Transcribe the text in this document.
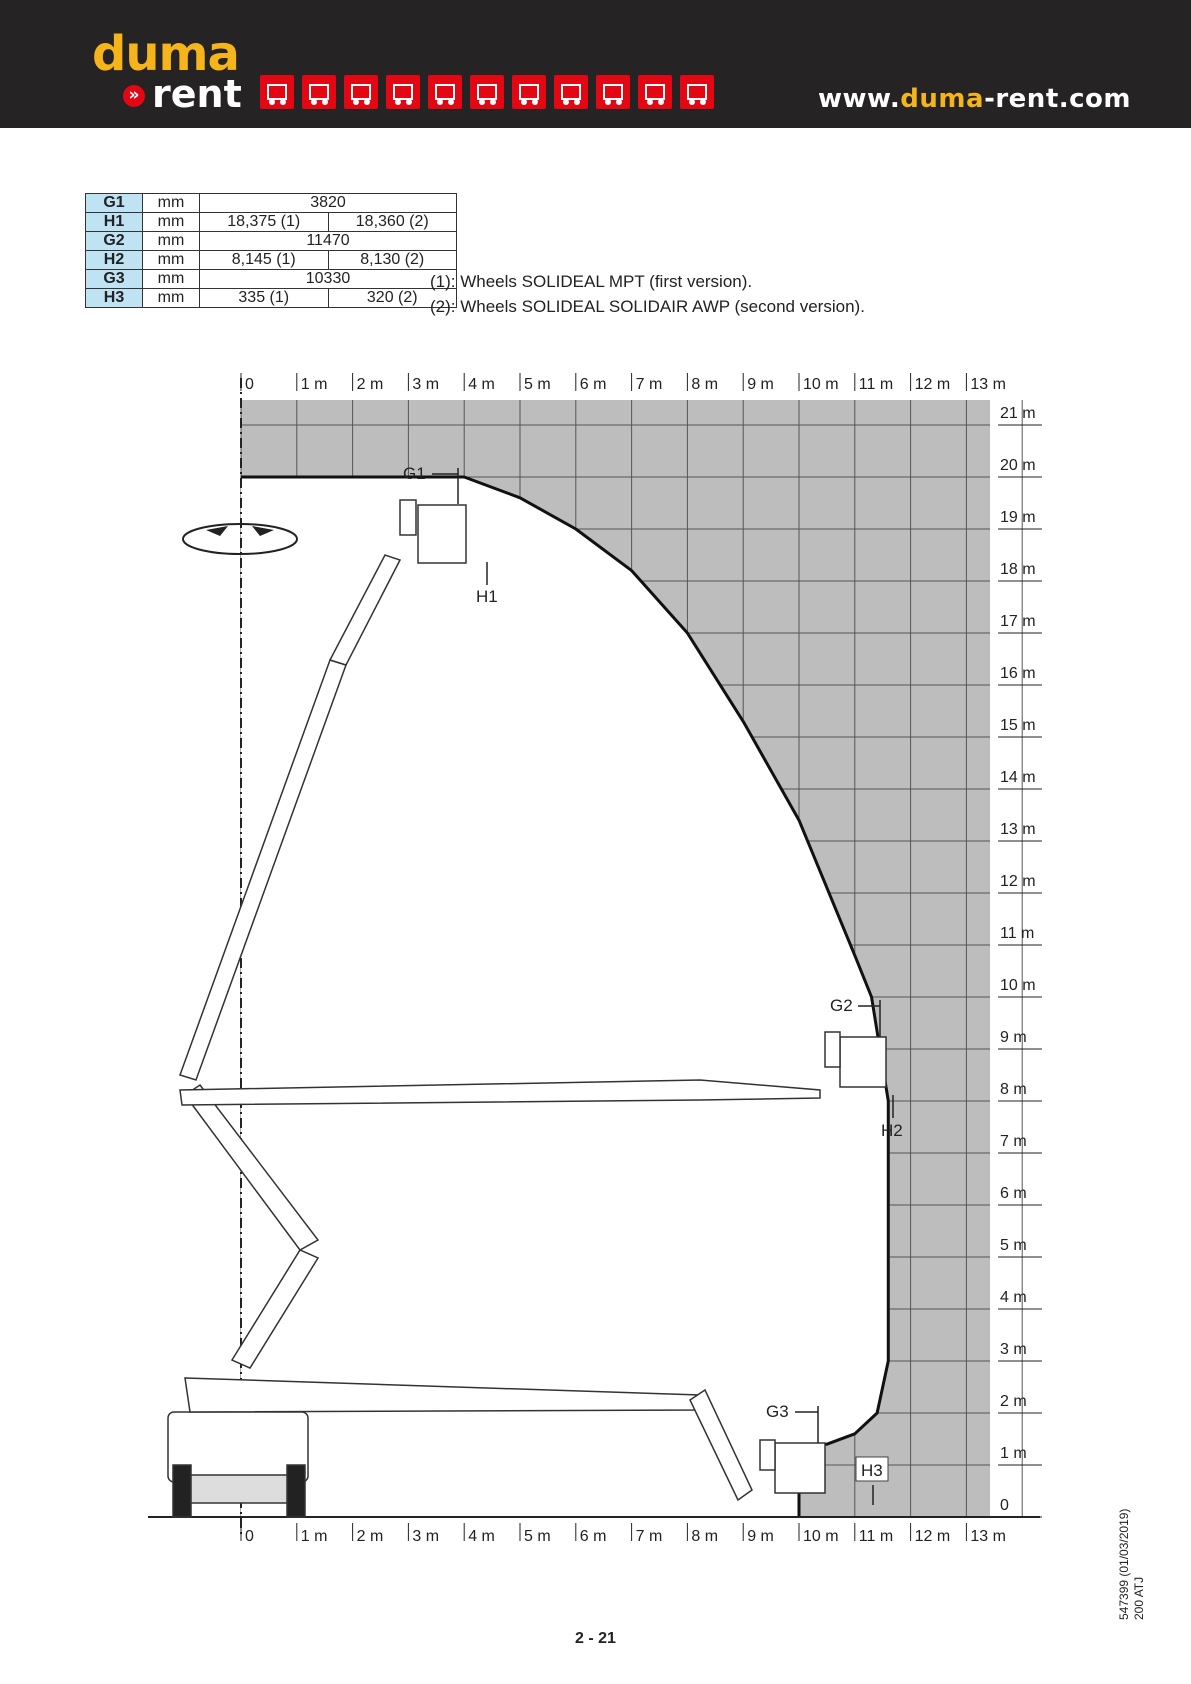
duma
» rent	www.duma-rent.com
G1	mm	3820	
H1	mm	18,375 (1)	18,360 (2)
G2	mm	11470	
H2	mm	8,145 (1)	8,130 (2)
G3	mm	10330	
H3	mm	335 (1)	320 (2)
(1): Wheels SOLIDEAL MPT (first version).
(2): Wheels SOLIDEAL SOLIDAIR AWP (second version).
0
0
1 m
1 m
2 m
2 m
3 m
3 m
4 m
4 m
5 m
5 m
6 m
6 m
7 m
7 m
8 m
8 m
9 m
9 m
10 m
10 m
11 m
11 m
12 m
12 m
13 m
13 m
0
1 m
2 m
3 m
4 m
5 m
6 m
7 m
8 m
9 m
10 m
11 m
12 m
13 m
14 m
15 m
16 m
17 m
18 m
19 m
20 m
21 m
G1
H1
G2
H2
G3
H3
2 - 21
547399 (01/03/2019) 200 ATJ
